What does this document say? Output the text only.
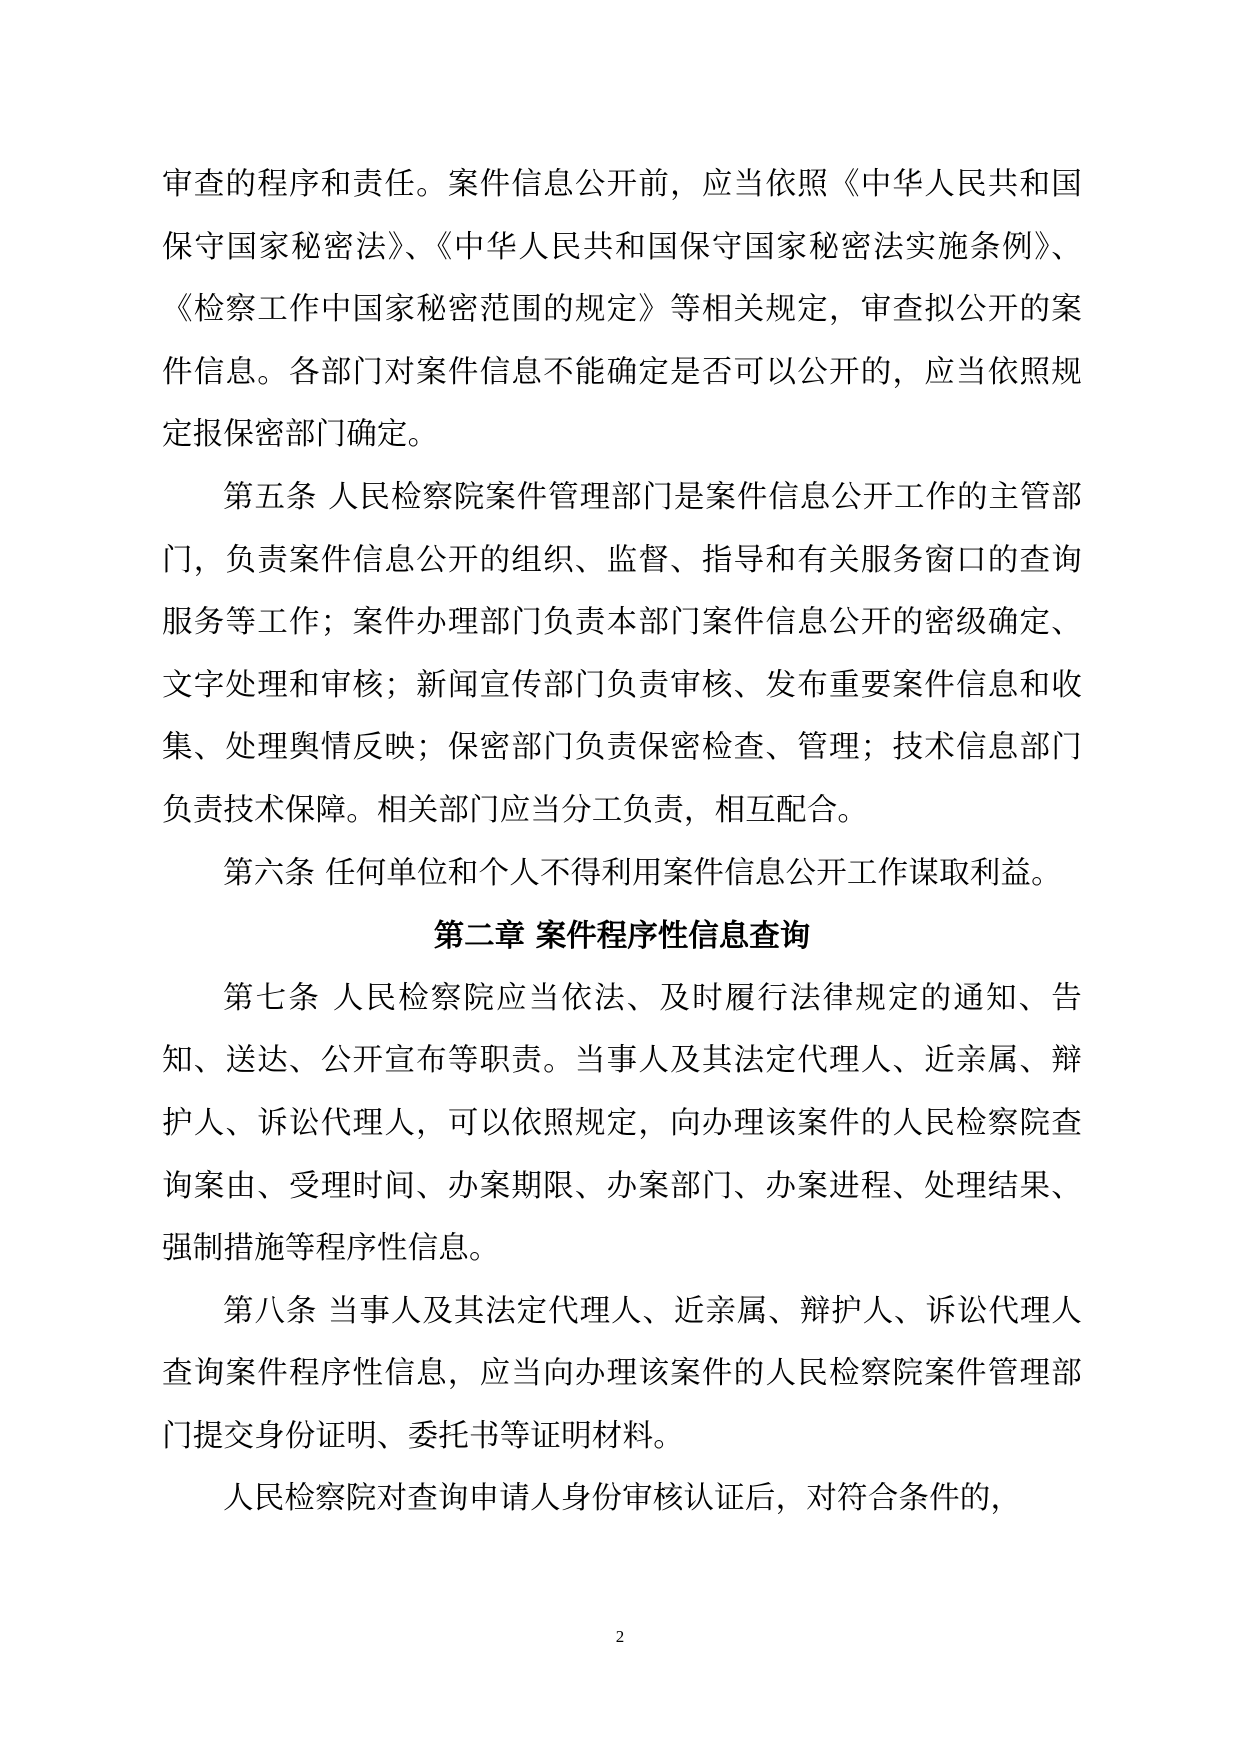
审查的程序和责任。案件信息公开前，应当依照《中华人民共和国保守国家秘密法》、《中华人民共和国保守国家秘密法实施条例》、《检察工作中国家秘密范围的规定》等相关规定，审查拟公开的案件信息。各部门对案件信息不能确定是否可以公开的，应当依照规定报保密部门确定。

第五条 人民检察院案件管理部门是案件信息公开工作的主管部门，负责案件信息公开的组织、监督、指导和有关服务窗口的查询服务等工作；案件办理部门负责本部门案件信息公开的密级确定、文字处理和审核；新闻宣传部门负责审核、发布重要案件信息和收集、处理舆情反映；保密部门负责保密检查、管理；技术信息部门负责技术保障。相关部门应当分工负责，相互配合。

第六条 任何单位和个人不得利用案件信息公开工作谋取利益。

第二章 案件程序性信息查询

第七条 人民检察院应当依法、及时履行法律规定的通知、告知、送达、公开宣布等职责。当事人及其法定代理人、近亲属、辩护人、诉讼代理人，可以依照规定，向办理该案件的人民检察院查询案由、受理时间、办案期限、办案部门、办案进程、处理结果、强制措施等程序性信息。

第八条 当事人及其法定代理人、近亲属、辩护人、诉讼代理人查询案件程序性信息，应当向办理该案件的人民检察院案件管理部门提交身份证明、委托书等证明材料。

人民检察院对查询申请人身份审核认证后，对符合条件的，

2
